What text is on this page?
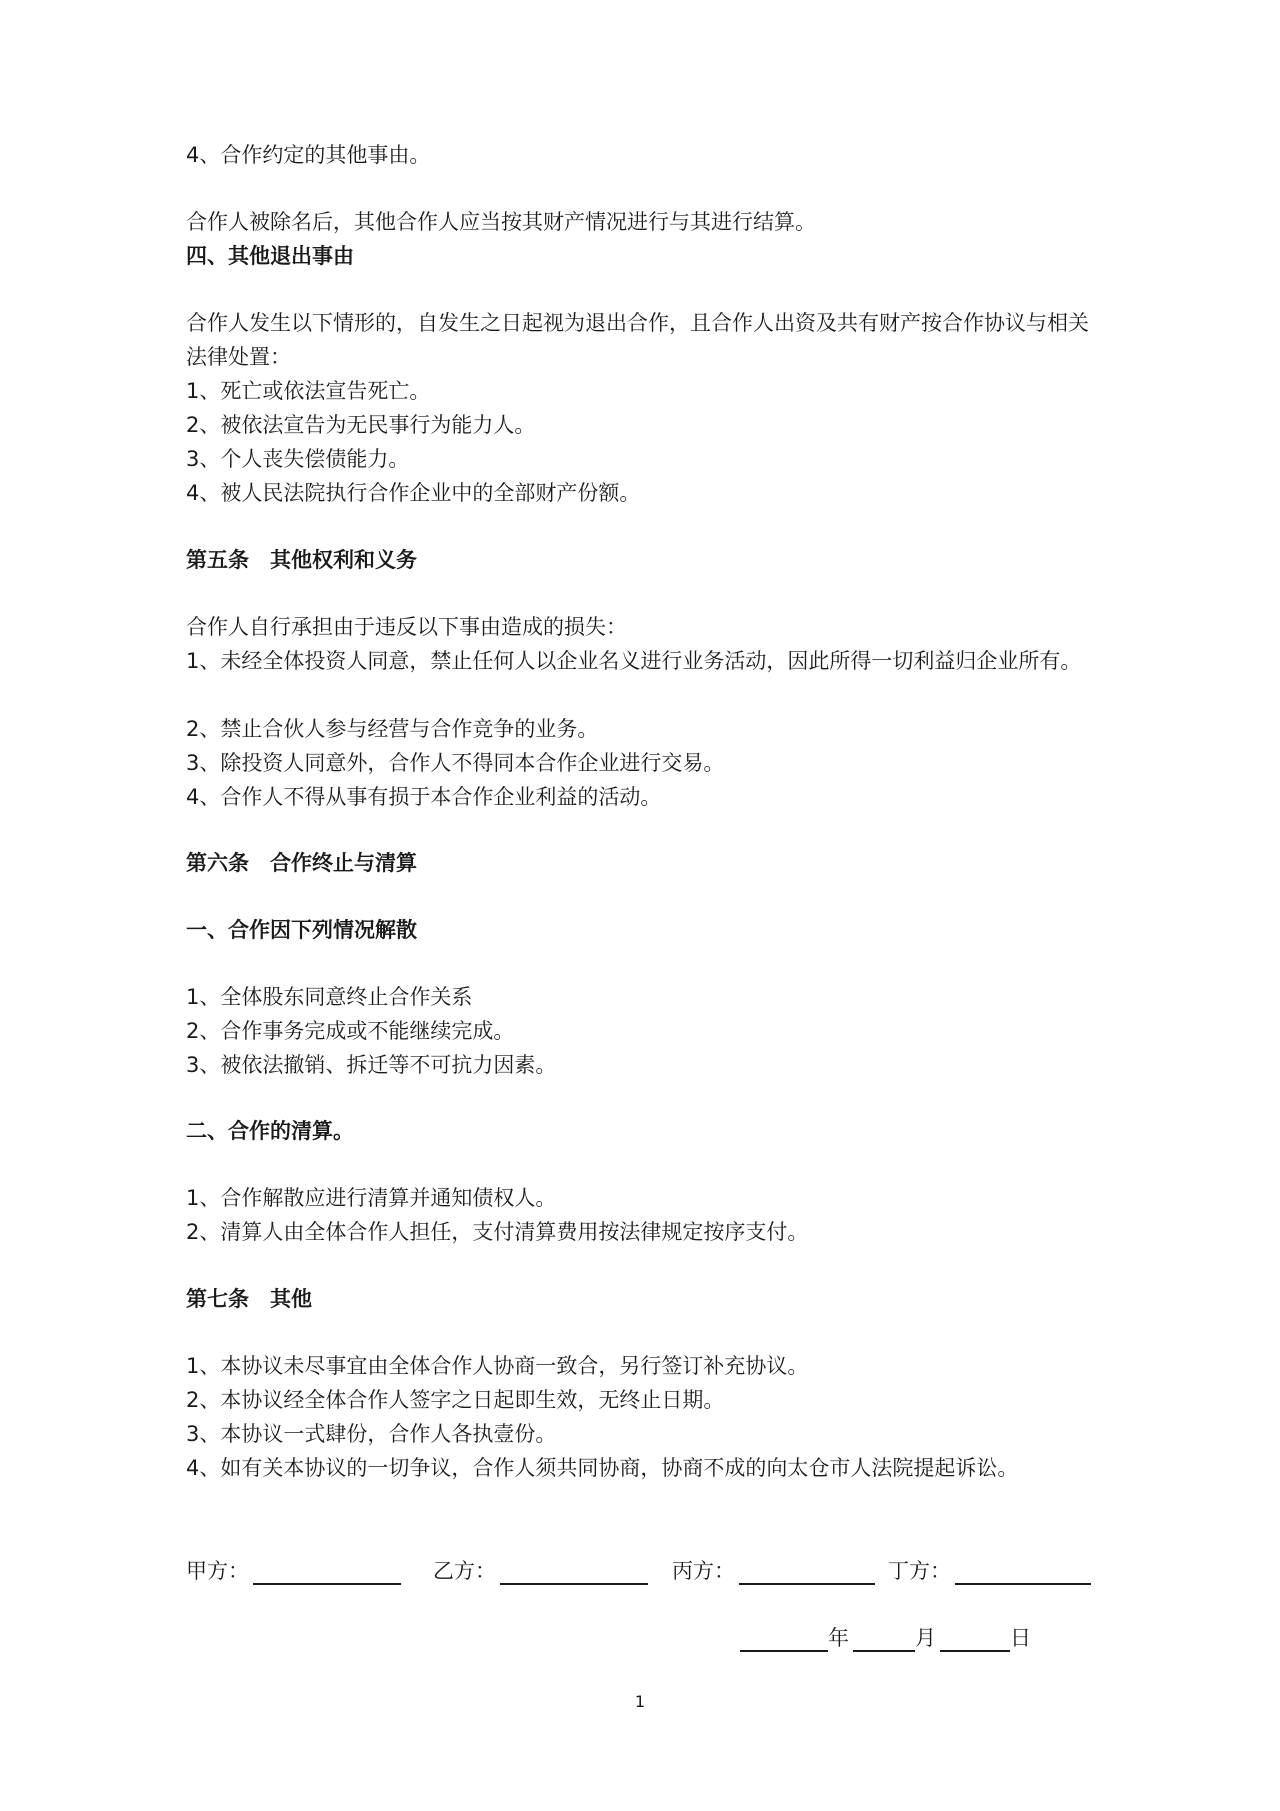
4、合作约定的其他事由。
合作人被除名后，其他合作人应当按其财产情况进行与其进行结算。
四、其他退出事由
合作人发生以下情形的，自发生之日起视为退出合作，且合作人出资及共有财产按合作协议与相关法律处置：
1、死亡或依法宣告死亡。
2、被依法宣告为无民事行为能力人。
3、个人丧失偿债能力。
4、被人民法院执行合作企业中的全部财产份额。
第五条　其他权利和义务
合作人自行承担由于违反以下事由造成的损失：
1、未经全体投资人同意，禁止任何人以企业名义进行业务活动，因此所得一切利益归企业所有。
2、禁止合伙人参与经营与合作竞争的业务。
3、除投资人同意外，合作人不得同本合作企业进行交易。
4、合作人不得从事有损于本合作企业利益的活动。
第六条　合作终止与清算
一、合作因下列情况解散
1、全体股东同意终止合作关系
2、合作事务完成或不能继续完成。
3、被依法撤销、拆迁等不可抗力因素。
二、合作的清算。
1、合作解散应进行清算并通知债权人。
2、清算人由全体合作人担任，支付清算费用按法律规定按序支付。
第七条　其他
1、本协议未尽事宜由全体合作人协商一致合，另行签订补充协议。
2、本协议经全体合作人签字之日起即生效，无终止日期。
3、本协议一式肆份，合作人各执壹份。
4、如有关本协议的一切争议，合作人须共同协商，协商不成的向太仓市人法院提起诉讼。
甲方：	乙方：	丙方：	丁方：
年	月	日
1
